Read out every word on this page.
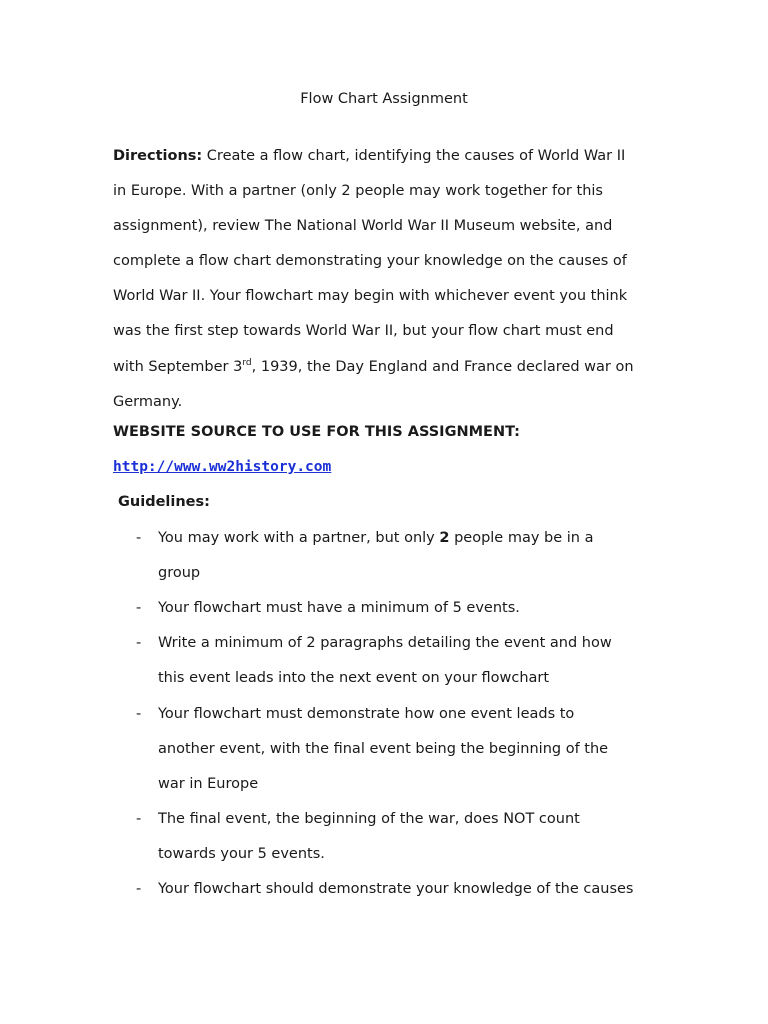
Flow Chart Assignment
Directions: Create a flow chart, identifying the causes of World War II
in Europe. With a partner (only 2 people may work together for this
assignment), review The National World War II Museum website, and
complete a flow chart demonstrating your knowledge on the causes of
World War II. Your flowchart may begin with whichever event you think
was the first step towards World War II, but your flow chart must end
with September 3rd, 1939, the Day England and France declared war on
Germany.
WEBSITE SOURCE TO USE FOR THIS ASSIGNMENT:
http://www.ww2history.com
Guidelines:
- You may work with a partner, but only 2 people may be in a
group
- Your flowchart must have a minimum of 5 events.
- Write a minimum of 2 paragraphs detailing the event and how
this event leads into the next event on your flowchart
- Your flowchart must demonstrate how one event leads to
another event, with the final event being the beginning of the
war in Europe
- The final event, the beginning of the war, does NOT count
towards your 5 events.
- Your flowchart should demonstrate your knowledge of the causes
